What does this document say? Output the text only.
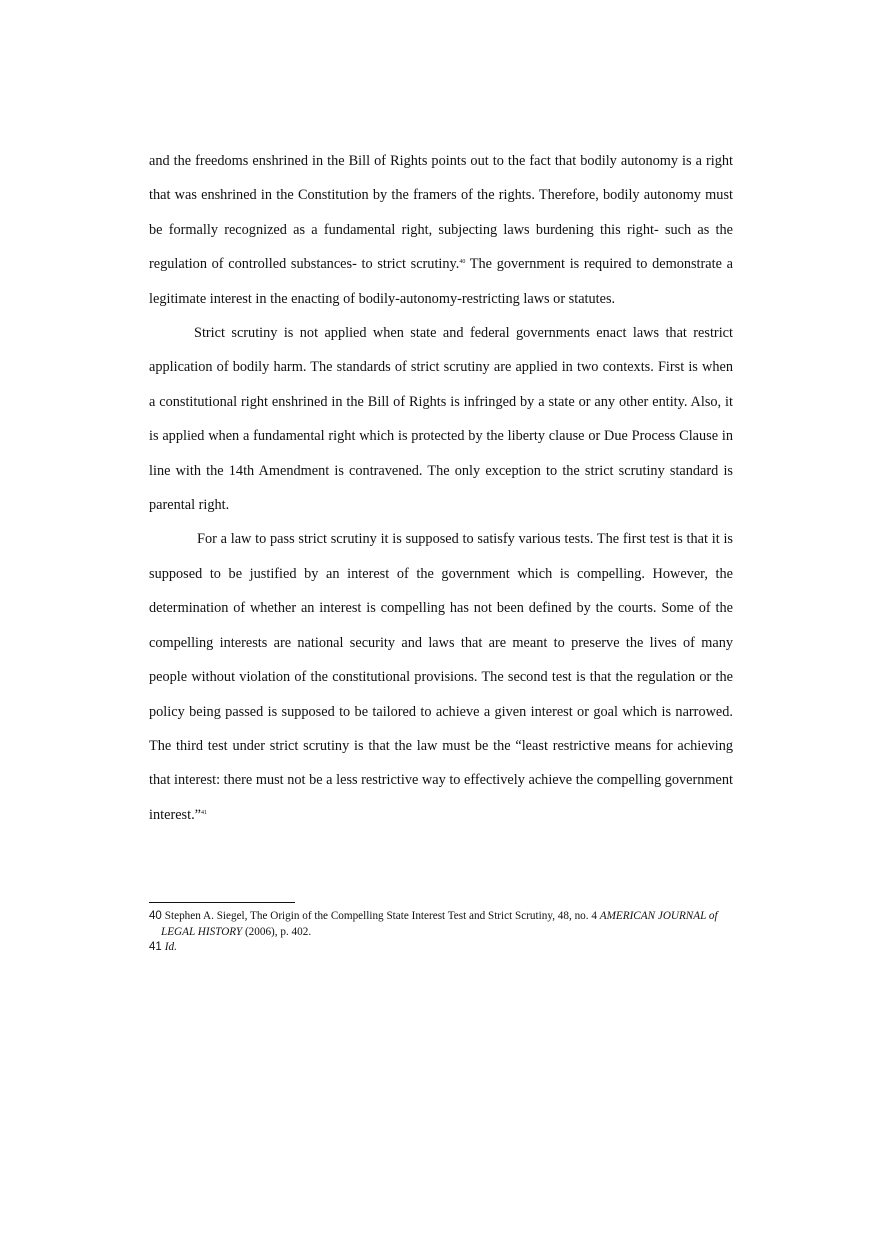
and the freedoms enshrined in the Bill of Rights points out to the fact that bodily autonomy is a right that was enshrined in the Constitution by the framers of the rights. Therefore, bodily autonomy must be formally recognized as a fundamental right, subjecting laws burdening this right- such as the regulation of controlled substances- to strict scrutiny.$^{40}$ The government is required to demonstrate a legitimate interest in the enacting of bodily-autonomy-restricting laws or statutes.

Strict scrutiny is not applied when state and federal governments enact laws that restrict application of bodily harm. The standards of strict scrutiny are applied in two contexts. First is when a constitutional right enshrined in the Bill of Rights is infringed by a state or any other entity. Also, it is applied when a fundamental right which is protected by the liberty clause or Due Process Clause in line with the 14th Amendment is contravened. The only exception to the strict scrutiny standard is parental right.

For a law to pass strict scrutiny it is supposed to satisfy various tests. The first test is that it is supposed to be justified by an interest of the government which is compelling. However, the determination of whether an interest is compelling has not been defined by the courts. Some of the compelling interests are national security and laws that are meant to preserve the lives of many people without violation of the constitutional provisions. The second test is that the regulation or the policy being passed is supposed to be tailored to achieve a given interest or goal which is narrowed. The third test under strict scrutiny is that the law must be the “least restrictive means for achieving that interest: there must not be a less restrictive way to effectively achieve the compelling government interest.”$^{41}$

40 Stephen A. Siegel, The Origin of the Compelling State Interest Test and Strict Scrutiny, 48, no. 4 AMERICAN JOURNAL of LEGAL HISTORY (2006), p. 402.

41 Id.
